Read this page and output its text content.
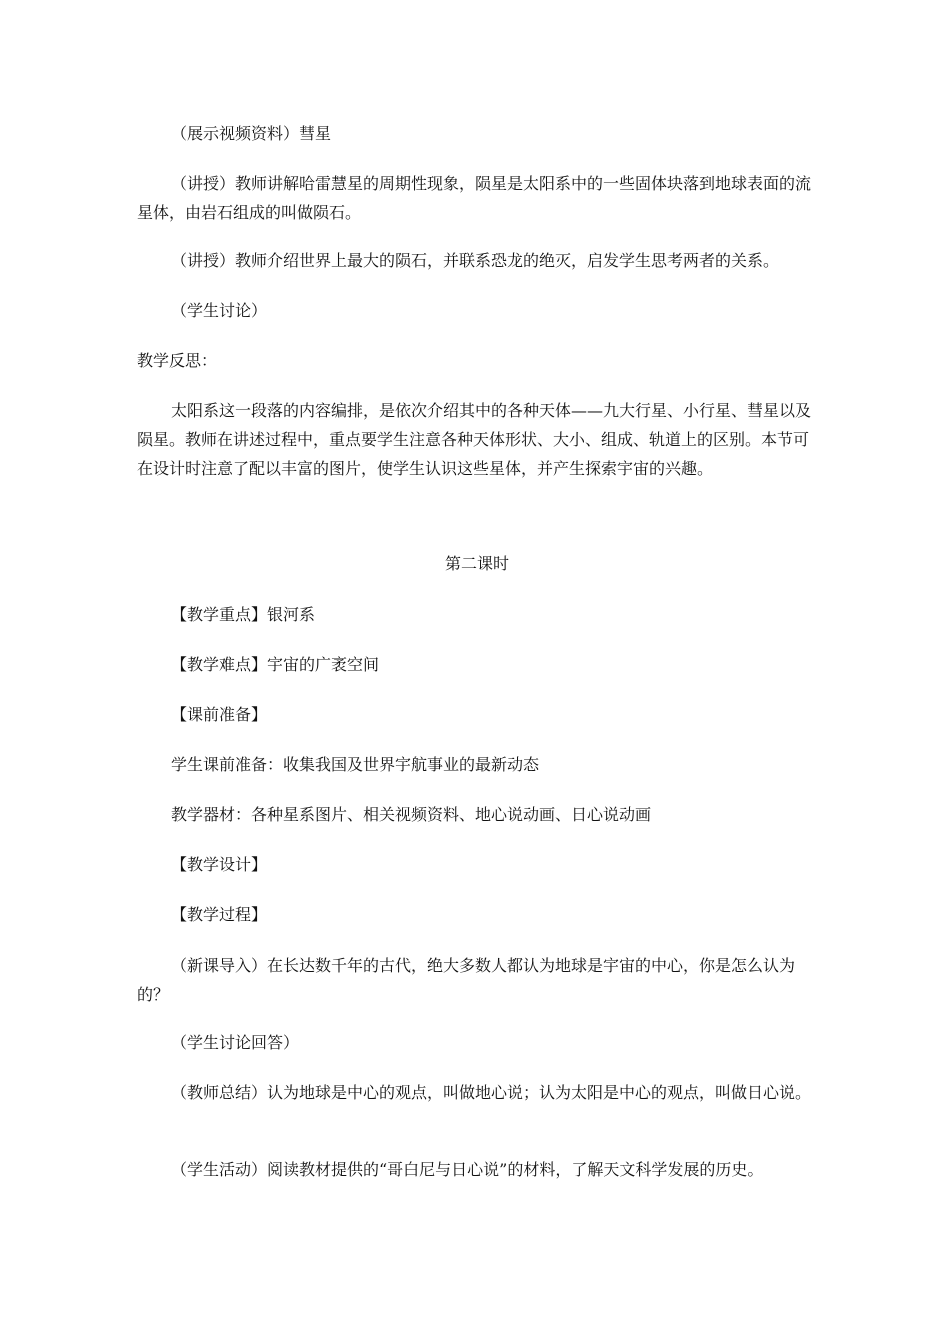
（展示视频资料）彗星

（讲授）教师讲解哈雷慧星的周期性现象，陨星是太阳系中的一些固体块落到地球表面的流星体，由岩石组成的叫做陨石。

（讲授）教师介绍世界上最大的陨石，并联系恐龙的绝灭，启发学生思考两者的关系。

（学生讨论）

教学反思：

太阳系这一段落的内容编排，是依次介绍其中的各种天体——九大行星、小行星、彗星以及陨星。教师在讲述过程中，重点要学生注意各种天体形状、大小、组成、轨道上的区别。本节可在设计时注意了配以丰富的图片，使学生认识这些星体，并产生探索宇宙的兴趣。

第二课时

【教学重点】银河系

【教学难点】宇宙的广袤空间

【课前准备】

学生课前准备：收集我国及世界宇航事业的最新动态

教学器材：各种星系图片、相关视频资料、地心说动画、日心说动画

【教学设计】

【教学过程】

（新课导入）在长达数千年的古代，绝大多数人都认为地球是宇宙的中心，你是怎么认为的？

（学生讨论回答）

（教师总结）认为地球是中心的观点，叫做地心说；认为太阳是中心的观点，叫做日心说。

（学生活动）阅读教材提供的“哥白尼与日心说”的材料，了解天文科学发展的历史。
